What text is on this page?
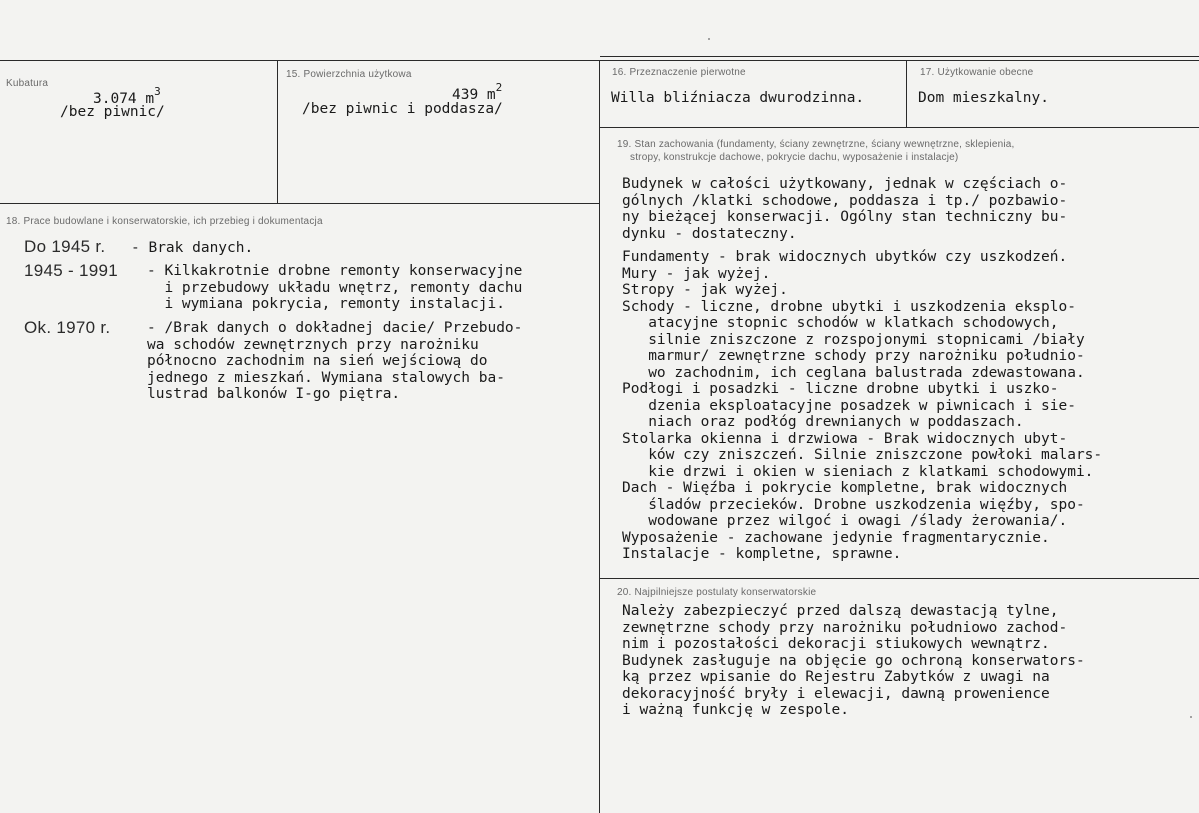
Kubatura
3.074 $m^3$
/bez piwnic/
15. Powierzchnia użytkowa
439 $m^2$
/bez piwnic i poddasza/
16. Przeznaczenie pierwotne
Willa bliźniacza dwurodzinna.
17. Użytkowanie obecne
Dom mieszkalny.
18. Prace budowlane i konserwatorskie, ich przebieg i dokumentacja
Do 1945 r. - Brak danych.
1945 - 1991 - Kilkakrotnie drobne remonty konserwacyjne
i przebudowy układu wnętrz, remonty dachu
i wymiana pokrycia, remonty instalacji.
Ok. 1970 r.	- /Brak danych o dokładnej dacie/ Przebudo-
wa schodów zewnętrznych przy narożniku
północno zachodnim na sień wejściową do
jednego z mieszkań. Wymiana stalowych ba-
lustrad balkonów I-go piętra.
19. Stan zachowania (fundamenty, ściany zewnętrzne, ściany wewnętrzne, sklepienia,
stropy, konstrukcje dachowe, pokrycie dachu, wyposażenie i instalacje)
Budynek w całości użytkowany, jednak w częściach o-
gólnych /klatki schodowe, poddasza i tp./ pozbawio-
ny bieżącej konserwacji. Ogólny stan techniczny bu-
dynku - dostateczny.
Fundamenty - brak widocznych ubytków czy uszkodzeń.
Mury - jak wyżej.
Stropy - jak wyżej.
Schody - liczne, drobne ubytki i uszkodzenia eksplo-
atacyjne stopnic schodów w klatkach schodowych,
silnie zniszczone z rozspojonymi stopnicami /biały
marmur/ zewnętrzne schody przy narożniku południo-
wo zachodnim, ich ceglana balustrada zdewastowana.
Podłogi i posadzki - liczne drobne ubytki i uszko-
dzenia eksploatacyjne posadzek w piwnicach i sie-
niach oraz podłóg drewnianych w poddaszach.
Stolarka okienna i drzwiowa - Brak widocznych ubyt-
ków czy zniszczeń. Silnie zniszczone powłoki malars-
kie drzwi i okien w sieniach z klatkami schodowymi.
Dach - Więźba i pokrycie kompletne, brak widocznych
śladów przecieków. Drobne uszkodzenia więźby, spo-
wodowane przez wilgoć i owagi /ślady żerowania/.
Wyposażenie - zachowane jedynie fragmentarycznie.
Instalacje - kompletne, sprawne.
20. Najpilniejsze postulaty konserwatorskie
Należy zabezpieczyć przed dalszą dewastacją tylne,
zewnętrzne schody przy narożniku południowo zachod-
nim i pozostałości dekoracji stiukowych wewnątrz.
Budynek zasługuje na objęcie go ochroną konserwators-
ką przez wpisanie do Rejestru Zabytków z uwagi na
dekoracyjność bryły i elewacji, dawną prowenience
i ważną funkcję w zespole.
